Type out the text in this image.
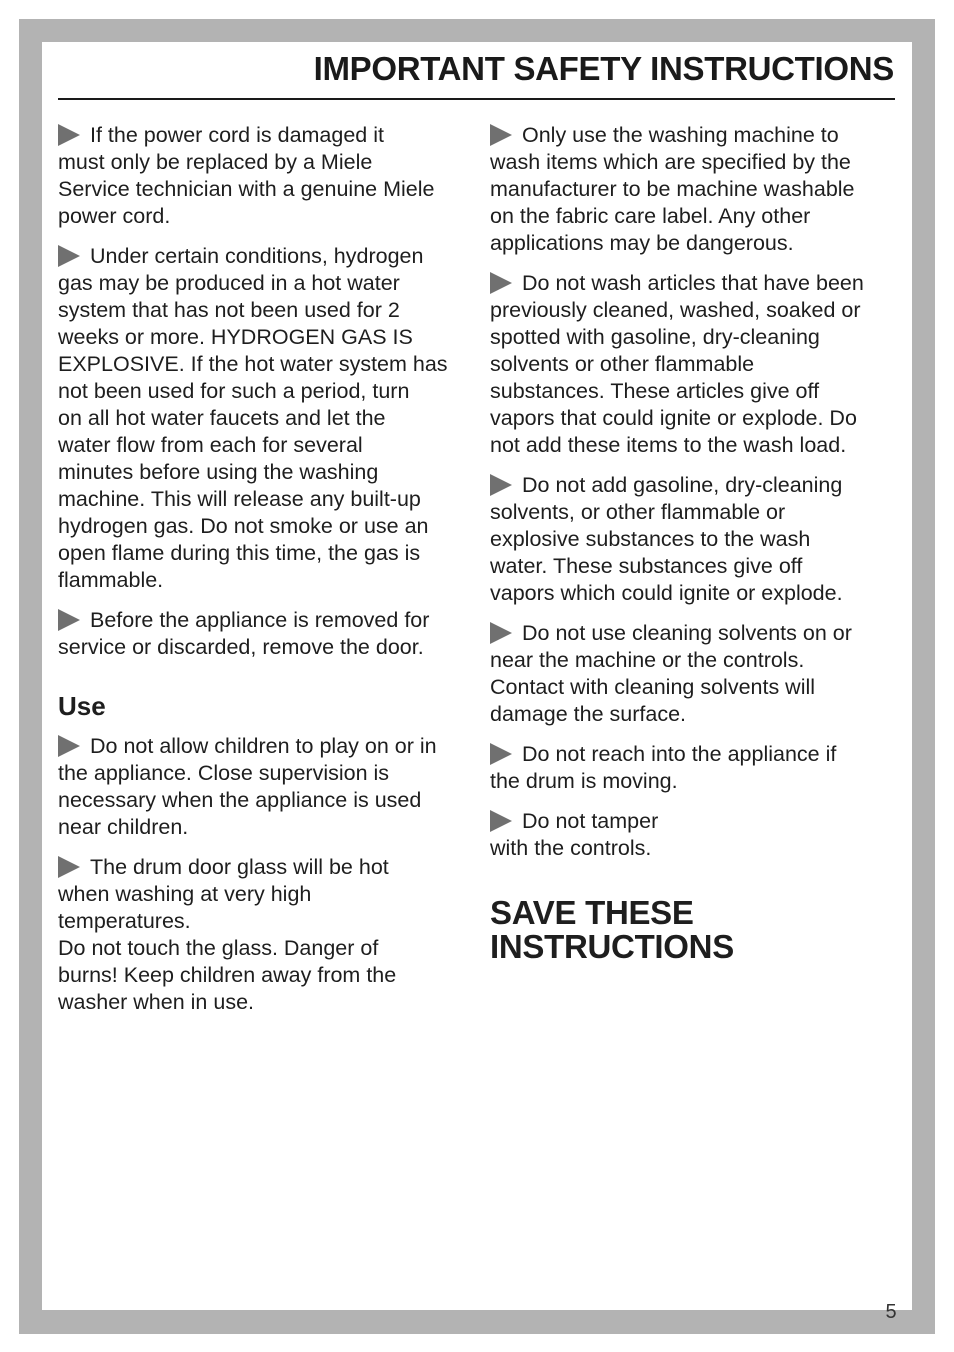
IMPORTANT SAFETY INSTRUCTIONS

If the power cord is damaged it
must only be replaced by a Miele
Service technician with a genuine Miele
power cord.

Under certain conditions, hydrogen
gas may be produced in a hot water
system that has not been used for 2
weeks or more. HYDROGEN GAS IS
EXPLOSIVE. If the hot water system has
not been used for such a period, turn
on all hot water faucets and let the
water flow from each for several
minutes before using the washing
machine. This will release any built-up
hydrogen gas. Do not smoke or use an
open flame during this time, the gas is
flammable.

Before the appliance is removed for
service or discarded, remove the door.

Use

Do not allow children to play on or in
the appliance. Close supervision is
necessary when the appliance is used
near children.

The drum door glass will be hot
when washing at very high
temperatures.
Do not touch the glass. Danger of
burns! Keep children away from the
washer when in use.

Only use the washing machine to
wash items which are specified by the
manufacturer to be machine washable
on the fabric care label. Any other
applications may be dangerous.

Do not wash articles that have been
previously cleaned, washed, soaked or
spotted with gasoline, dry-cleaning
solvents or other flammable
substances. These articles give off
vapors that could ignite or explode. Do
not add these items to the wash load.

Do not add gasoline, dry-cleaning
solvents, or other flammable or
explosive substances to the wash
water. These substances give off
vapors which could ignite or explode.

Do not use cleaning solvents on or
near the machine or the controls.
Contact with cleaning solvents will
damage the surface.

Do not reach into the appliance if
the drum is moving.

Do not tamper
with the controls.

SAVE THESE
INSTRUCTIONS
5
